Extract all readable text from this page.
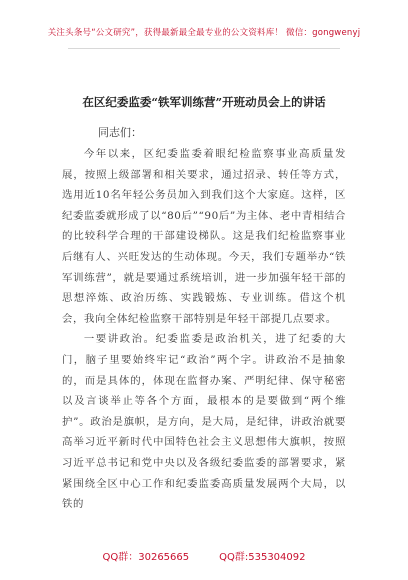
关注头条号“公文研究”，获得最新最全最专业的公文资料库！ 微信：gongwenyj
在区纪委监委“铁军训练营”开班动员会上的讲话
同志们：

今年以来，区纪委监委着眼纪检监察事业高质量发展，按照上级部署和相关要求，通过招录、转任等方式，选用近10名年轻公务员加入到我们这个大家庭。这样，区纪委监委就形成了以“80后”“90后”为主体、老中青相结合的比较科学合理的干部建设梯队。这是我们纪检监察事业后继有人、兴旺发达的生动体现。今天，我们专题举办“铁军训练营”，就是要通过系统培训，进一步加强年轻干部的思想淬炼、政治历练、实践锻炼、专业训练。借这个机会，我向全体纪检监察干部特别是年轻干部提几点要求。

一要讲政治。纪委监委是政治机关，进了纪委的大门，脑子里要始终牢记“政治”两个字。讲政治不是抽象的，而是具体的，体现在监督办案、严明纪律、保守秘密以及言谈举止等各个方面，最根本的是要做到“两个维护”。政治是旗帜，是方向，是大局，是纪律，讲政治就要高举习近平新时代中国特色社会主义思想伟大旗帜，按照习近平总书记和党中央以及各级纪委监委的部署要求，紧紧围绕全区中心工作和纪委监委高质量发展两个大局，以铁的

QQ群：30265665	QQ群:535304092
